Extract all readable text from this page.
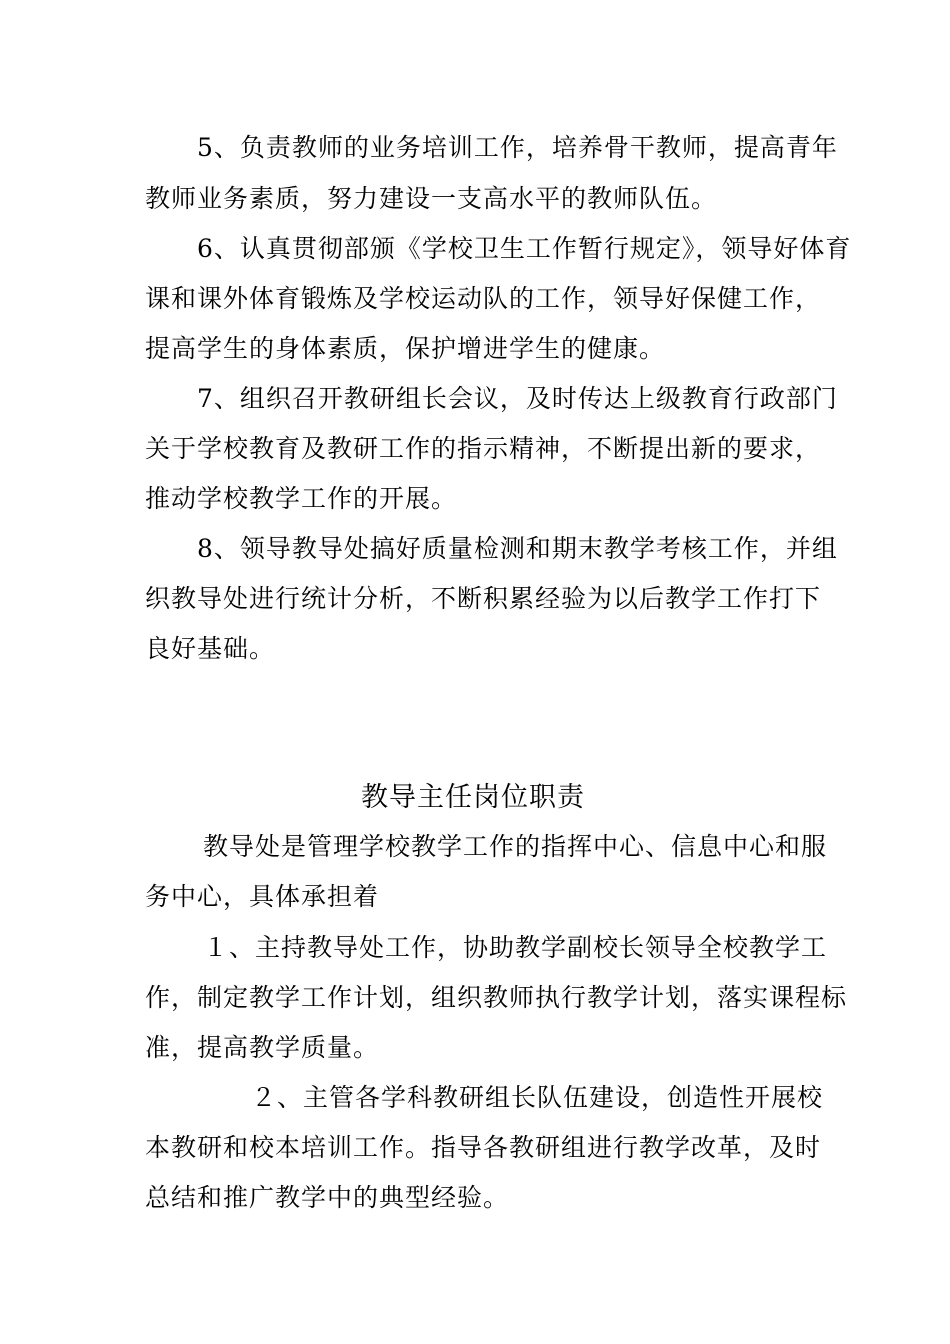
5、负责教师的业务培训工作，培养骨干教师，提高青年
教师业务素质，努力建设一支高水平的教师队伍。
6、认真贯彻部颁《学校卫生工作暂行规定》，领导好体育
课和课外体育锻炼及学校运动队的工作，领导好保健工作，
提高学生的身体素质，保护增进学生的健康。
7、组织召开教研组长会议，及时传达上级教育行政部门
关于学校教育及教研工作的指示精神，不断提出新的要求，
推动学校教学工作的开展。
8、领导教导处搞好质量检测和期末教学考核工作，并组
织教导处进行统计分析，不断积累经验为以后教学工作打下
良好基础。
教导主任岗位职责
教导处是管理学校教学工作的指挥中心、信息中心和服
务中心，具体承担着
１、主持教导处工作，协助教学副校长领导全校教学工
作，制定教学工作计划，组织教师执行教学计划，落实课程标
准，提高教学质量。
２、主管各学科教研组长队伍建设，创造性开展校
本教研和校本培训工作。指导各教研组进行教学改革，及时
总结和推广教学中的典型经验。
